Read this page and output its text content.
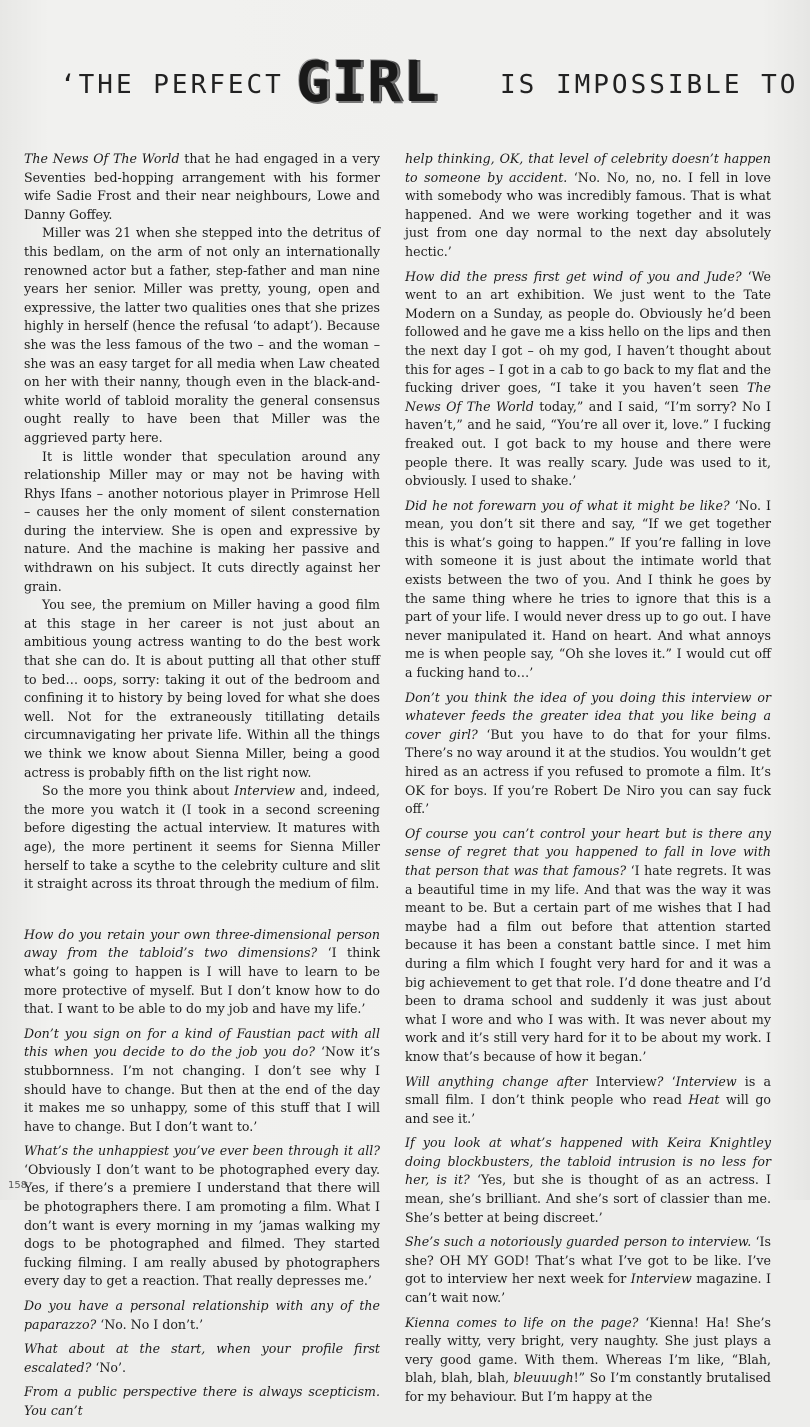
‘THE PERFECT GIRL IS IMPOSSIBLE TO

The News Of The World that he had engaged in a very Seventies bed-hopping arrangement with his former wife Sadie Frost and their near neighbours, Lowe and Danny Goffey.

Miller was 21 when she stepped into the detritus of this bedlam, on the arm of not only an internationally renowned actor but a father, step-father and man nine years her senior. Miller was pretty, young, open and expressive, the latter two qualities ones that she prizes highly in herself (hence the refusal ‘to adapt’). Because she was the less famous of the two – and the woman – she was an easy target for all media when Law cheated on her with their nanny, though even in the black-and-white world of tabloid morality the general consensus ought really to have been that Miller was the aggrieved party here.

It is little wonder that speculation around any relationship Miller may or may not be having with Rhys Ifans – another notorious player in Primrose Hell – causes her the only moment of silent consternation during the interview. She is open and expressive by nature. And the machine is making her passive and withdrawn on his subject. It cuts directly against her grain.

You see, the premium on Miller having a good film at this stage in her career is not just about an ambitious young actress wanting to do the best work that she can do. It is about putting all that other stuff to bed… oops, sorry: taking it out of the bedroom and confining it to history by being loved for what she does well. Not for the extraneously titillating details circumnavigating her private life. Within all the things we think we know about Sienna Miller, being a good actress is probably fifth on the list right now.

So the more you think about Interview and, indeed, the more you watch it (I took in a second screening before digesting the actual interview. It matures with age), the more pertinent it seems for Sienna Miller herself to take a scythe to the celebrity culture and slit it straight across its throat through the medium of film.

How do you retain your own three-dimensional person away from the tabloid’s two dimensions? ‘I think what’s going to happen is I will have to learn to be more protective of myself. But I don’t know how to do that. I want to be able to do my job and have my life.’

Don’t you sign on for a kind of Faustian pact with all this when you decide to do the job you do? ‘Now it’s stubbornness. I’m not changing. I don’t see why I should have to change. But then at the end of the day it makes me so unhappy, some of this stuff that I will have to change. But I don’t want to.’

What’s the unhappiest you’ve ever been through it all? ‘Obviously I don’t want to be photographed every day. Yes, if there’s a premiere I understand that there will be photographers there. I am promoting a film. What I don’t want is every morning in my ’jamas walking my dogs to be photographed and filmed. They started fucking filming. I am really abused by photographers every day to get a reaction. That really depresses me.’

Do you have a personal relationship with any of the paparazzo? ‘No. No I don’t.’

What about at the start, when your profile first escalated? ‘No’.

From a public perspective there is always scepticism. You can’t

help thinking, OK, that level of celebrity doesn’t happen to someone by accident. ‘No. No, no, no. I fell in love with somebody who was incredibly famous. That is what happened. And we were working together and it was just from one day normal to the next day absolutely hectic.’

How did the press first get wind of you and Jude? ‘We went to an art exhibition. We just went to the Tate Modern on a Sunday, as people do. Obviously he’d been followed and he gave me a kiss hello on the lips and then the next day I got – oh my god, I haven’t thought about this for ages – I got in a cab to go back to my flat and the fucking driver goes, “I take it you haven’t seen The News Of The World today,” and I said, “I’m sorry? No I haven’t,” and he said, “You’re all over it, love.” I fucking freaked out. I got back to my house and there were people there. It was really scary. Jude was used to it, obviously. I used to shake.’

Did he not forewarn you of what it might be like? ‘No. I mean, you don’t sit there and say, “If we get together this is what’s going to happen.” If you’re falling in love with someone it is just about the intimate world that exists between the two of you. And I think he goes by the same thing where he tries to ignore that this is a part of your life. I would never dress up to go out. I have never manipulated it. Hand on heart. And what annoys me is when people say, “Oh she loves it.” I would cut off a fucking hand to…’

Don’t you think the idea of you doing this interview or whatever feeds the greater idea that you like being a cover girl? ‘But you have to do that for your films. There’s no way around it at the studios. You wouldn’t get hired as an actress if you refused to promote a film. It’s OK for boys. If you’re Robert De Niro you can say fuck off.’

Of course you can’t control your heart but is there any sense of regret that you happened to fall in love with that person that was that famous? ‘I hate regrets. It was a beautiful time in my life. And that was the way it was meant to be. But a certain part of me wishes that I had maybe had a film out before that attention started because it has been a constant battle since. I met him during a film which I fought very hard for and it was a big achievement to get that role. I’d done theatre and I’d been to drama school and suddenly it was just about what I wore and who I was with. It was never about my work and it’s still very hard for it to be about my work. I know that’s because of how it began.’

Will anything change after Interview? ‘Interview is a small film. I don’t think people who read Heat will go and see it.’

If you look at what’s happened with Keira Knightley doing blockbusters, the tabloid intrusion is no less for her, is it? ‘Yes, but she is thought of as an actress. I mean, she’s brilliant. And she’s sort of classier than me. She’s better at being discreet.’

She’s such a notoriously guarded person to interview. ‘Is she? OH MY GOD! That’s what I’ve got to be like. I’ve got to interview her next week for Interview magazine. I can’t wait now.’

Kienna comes to life on the page? ‘Kienna! Ha! She’s really witty, very bright, very naughty. She just plays a very good game. With them. Whereas I’m like, “Blah, blah, blah, blah, bleuuugh!” So I’m constantly brutalised for my behaviour. But I’m happy at the

158
